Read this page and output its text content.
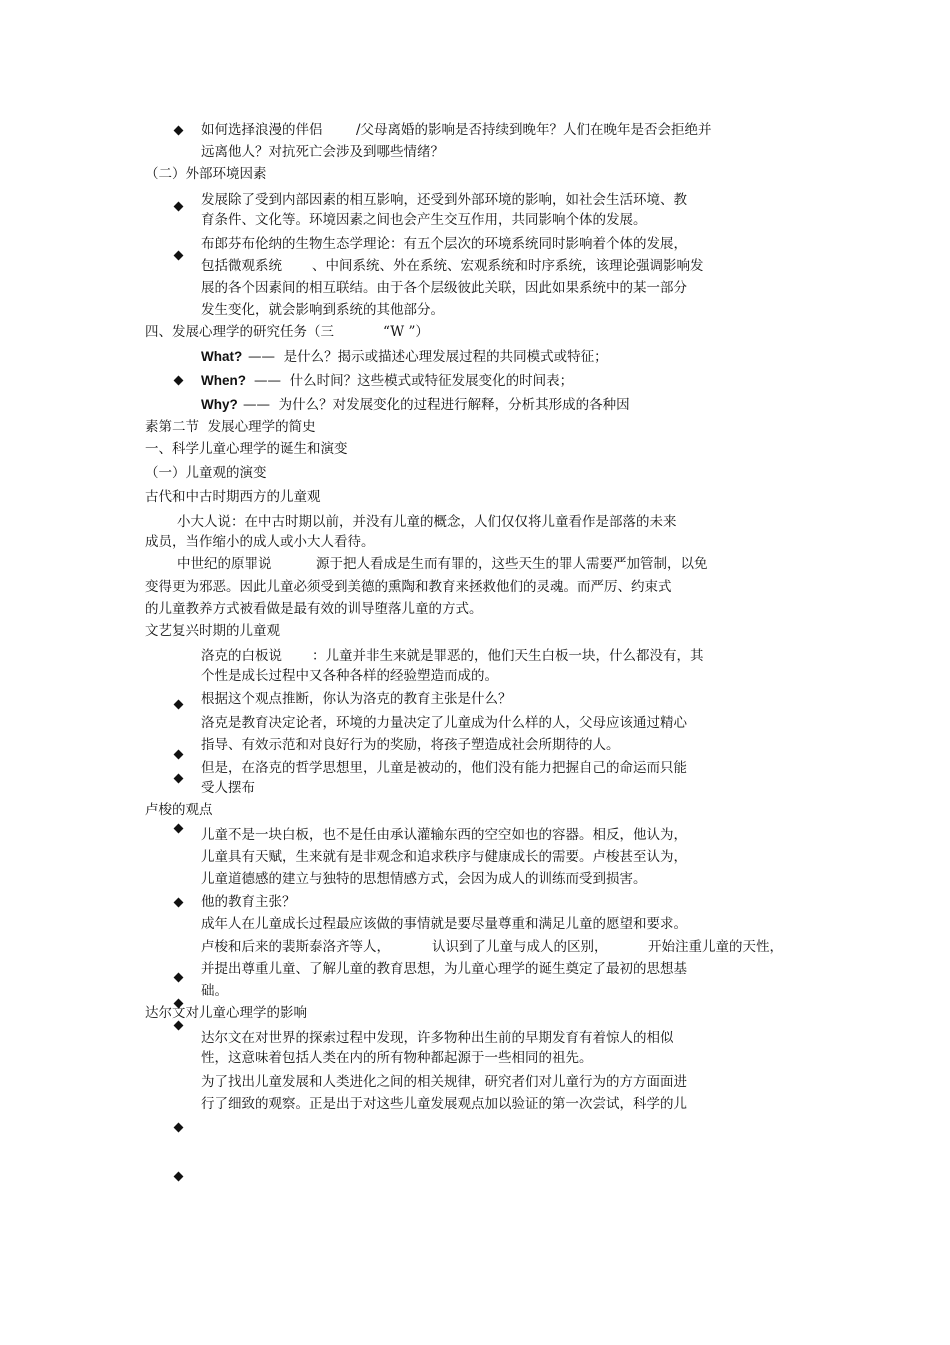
如何选择浪漫的伴侣 /父母离婚的影响是否持续到晚年？人们在晚年是否会拒绝并
远离他人？对抗死亡会涉及到哪些情绪？
（二）外部环境因素
发展除了受到内部因素的相互影响，还受到外部环境的影响，如社会生活环境、教
育条件、文化等。环境因素之间也会产生交互作用，共同影响个体的发展。
布郎芬布伦纳的生物生态学理论：有五个层次的环境系统同时影响着个体的发展，
包括微观系统 、中间系统、外在系统、宏观系统和时序系统，该理论强调影响发
展的各个因素间的相互联结。由于各个层级彼此关联，因此如果系统中的某一部分
发生变化，就会影响到系统的其他部分。
四、发展心理学的研究任务（三	“W ”）
What? ——  是什么？揭示或描述心理发展过程的共同模式或特征；
When? ——  什么时间？这些模式或特征发展变化的时间表；
Why? ——  为什么？对发展变化的过程进行解释，分析其形成的各种因
素第二节  发展心理学的简史
一、科学儿童心理学的诞生和演变
（一）儿童观的演变
古代和中古时期西方的儿童观
小大人说：在中古时期以前，并没有儿童的概念，人们仅仅将儿童看作是部落的未来
成员，当作缩小的成人或小大人看待。
中世纪的原罪说	源于把人看成是生而有罪的，这些天生的罪人需要严加管制，以免
变得更为邪恶。因此儿童必须受到美德的熏陶和教育来拯救他们的灵魂。而严厉、约束式
的儿童教养方式被看做是最有效的训导堕落儿童的方式。
文艺复兴时期的儿童观
洛克的白板说 ：儿童并非生来就是罪恶的，他们天生白板一块，什么都没有，其
个性是成长过程中又各种各样的经验塑造而成的。
根据这个观点推断，你认为洛克的教育主张是什么？
洛克是教育决定论者，环境的力量决定了儿童成为什么样的人，父母应该通过精心
指导、有效示范和对良好行为的奖励，将孩子塑造成社会所期待的人。
但是，在洛克的哲学思想里，儿童是被动的，他们没有能力把握自己的命运而只能
受人摆布
卢梭的观点
儿童不是一块白板，也不是任由承认灌输东西的空空如也的容器。相反，他认为，
儿童具有天赋，生来就有是非观念和追求秩序与健康成长的需要。卢梭甚至认为，
儿童道德感的建立与独特的思想情感方式，会因为成人的训练而受到损害。
他的教育主张？
成年人在儿童成长过程最应该做的事情就是要尽量尊重和满足儿童的愿望和要求。
卢梭和后来的裴斯泰洛齐等人，	认识到了儿童与成人的区别，	开始注重儿童的天性，
并提出尊重儿童、了解儿童的教育思想，为儿童心理学的诞生奠定了最初的思想基
础。
达尔文对儿童心理学的影响
达尔文在对世界的探索过程中发现，许多物种出生前的早期发育有着惊人的相似
性，这意味着包括人类在内的所有物种都起源于一些相同的祖先。
为了找出儿童发展和人类进化之间的相关规律，研究者们对儿童行为的方方面面进
行了细致的观察。正是出于对这些儿童发展观点加以验证的第一次尝试，科学的儿
